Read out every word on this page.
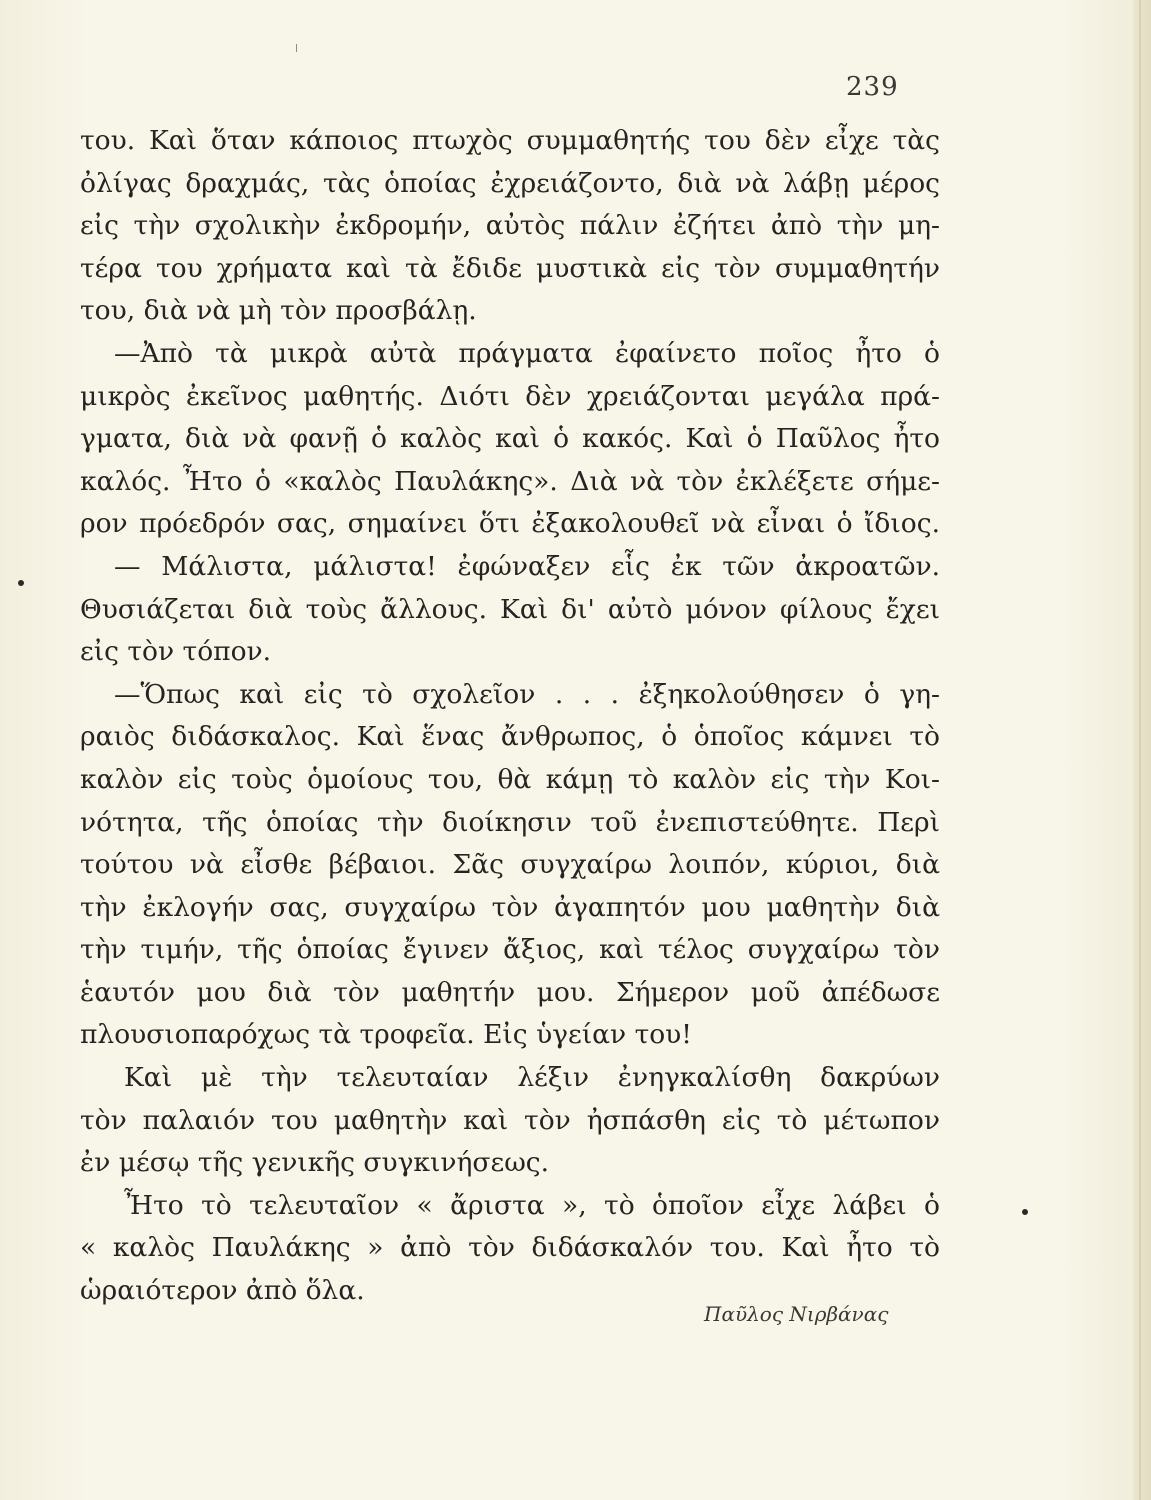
239
του. Καὶ ὅταν κάποιος πτωχὸς συμμαθητής του δὲν εἶχε τὰς
ὀλίγας δραχμάς, τὰς ὁποίας ἐχρειάζοντο, διὰ νὰ λάβῃ μέρος
εἰς τὴν σχολικὴν ἐκδρομήν, αὐτὸς πάλιν ἐζήτει ἀπὸ τὴν μη-
τέρα του χρήματα καὶ τὰ ἔδιδε μυστικὰ εἰς τὸν συμμαθητήν
του, διὰ νὰ μὴ τὸν προσβάλῃ.
—Ἀπὸ τὰ μικρὰ αὐτὰ πράγματα ἐφαίνετο ποῖος ἦτο ὁ
μικρὸς ἐκεῖνος μαθητής. Διότι δὲν χρειάζονται μεγάλα πρά-
γματα, διὰ νὰ φανῇ ὁ καλὸς καὶ ὁ κακός. Καὶ ὁ Παῦλος ἦτο
καλός. Ἦτο ὁ «καλὸς Παυλάκης». Διὰ νὰ τὸν ἐκλέξετε σήμε-
ρον πρόεδρόν σας, σημαίνει ὅτι ἐξακολουθεῖ νὰ εἶναι ὁ ἴδιος.
— Μάλιστα, μάλιστα! ἐφώναξεν εἷς ἐκ τῶν ἀκροατῶν.
Θυσιάζεται διὰ τοὺς ἄλλους. Καὶ δι' αὐτὸ μόνον φίλους ἔχει
εἰς τὸν τόπον.
—Ὅπως καὶ εἰς τὸ σχολεῖον . . . ἐξηκολούθησεν ὁ γη-
ραιὸς διδάσκαλος. Καὶ ἕνας ἄνθρωπος, ὁ ὁποῖος κάμνει τὸ
καλὸν εἰς τοὺς ὁμοίους του, θὰ κάμῃ τὸ καλὸν εἰς τὴν Κοι-
νότητα, τῆς ὁποίας τὴν διοίκησιν τοῦ ἐνεπιστεύθητε. Περὶ
τούτου νὰ εἶσθε βέβαιοι. Σᾶς συγχαίρω λοιπόν, κύριοι, διὰ
τὴν ἐκλογήν σας, συγχαίρω τὸν ἀγαπητόν μου μαθητὴν διὰ
τὴν τιμήν, τῆς ὁποίας ἔγινεν ἄξιος, καὶ τέλος συγχαίρω τὸν
ἑαυτόν μου διὰ τὸν μαθητήν μου. Σήμερον μοῦ ἀπέδωσε
πλουσιοπαρόχως τὰ τροφεῖα. Εἰς ὑγείαν του!
Καὶ μὲ τὴν τελευταίαν λέξιν ἐνηγκαλίσθη δακρύων
τὸν παλαιόν του μαθητὴν καὶ τὸν ἠσπάσθη εἰς τὸ μέτωπον
ἐν μέσῳ τῆς γενικῆς συγκινήσεως.
Ἦτο τὸ τελευταῖον « ἄριστα », τὸ ὁποῖον εἶχε λάβει ὁ
« καλὸς Παυλάκης » ἀπὸ τὸν διδάσκαλόν του. Καὶ ἦτο τὸ
ὡραιότερον ἀπὸ ὅλα.
Παῦλος Νιρβάνας
